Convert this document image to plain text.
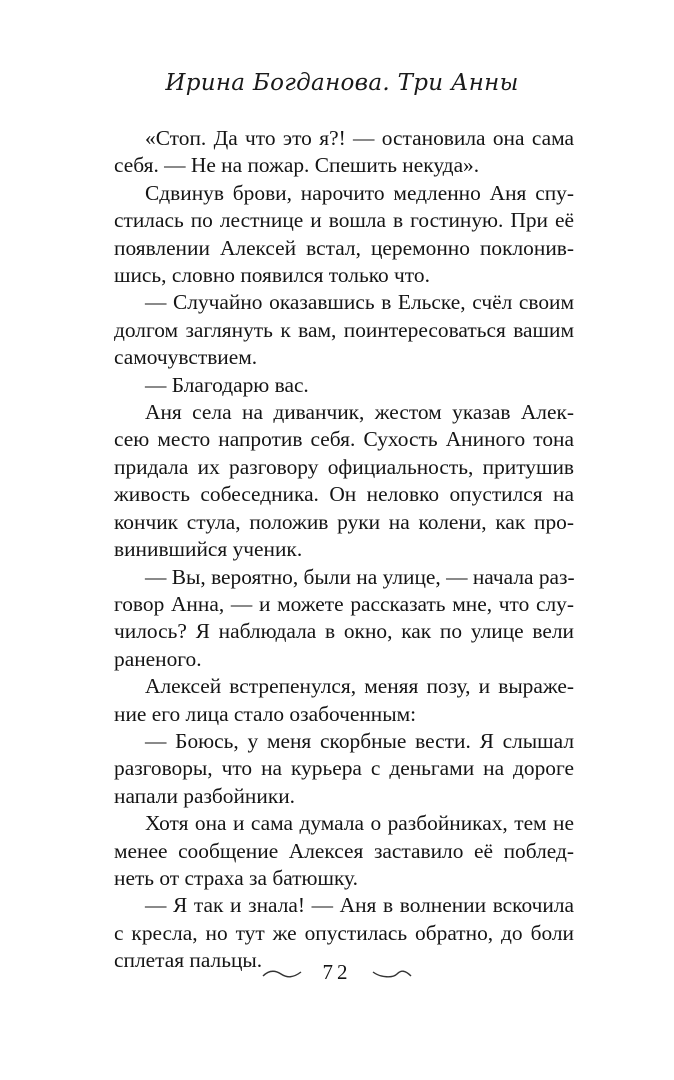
Ирина Богданова. Три Анны
«Стоп. Да что это я?! — остановила она сама
себя. — Не на пожар. Спешить некуда».
Сдвинув брови, нарочито медленно Аня спу-
стилась по лестнице и вошла в гостиную. При её
появлении Алексей встал, церемонно поклонив-
шись, словно появился только что.
— Случайно оказавшись в Ельске, счёл своим
долгом заглянуть к вам, поинтересоваться вашим
самочувствием.
— Благодарю вас.
Аня села на диванчик, жестом указав Алек-
сею место напротив себя. Сухость Аниного тона
придала их разговору официальность, притушив
живость собеседника. Он неловко опустился на
кончик стула, положив руки на колени, как про-
винившийся ученик.
— Вы, вероятно, были на улице, — начала раз-
говор Анна, — и можете рассказать мне, что слу-
чилось? Я наблюдала в окно, как по улице вели
раненого.
Алексей встрепенулся, меняя позу, и выраже-
ние его лица стало озабоченным:
— Боюсь, у меня скорбные вести. Я слышал
разговоры, что на курьера с деньгами на дороге
напали разбойники.
Хотя она и сама думала о разбойниках, тем не
менее сообщение Алексея заставило её поблед-
неть от страха за батюшку.
— Я так и знала! — Аня в волнении вскочила
с кресла, но тут же опустилась обратно, до боли
сплетая пальцы.	72
